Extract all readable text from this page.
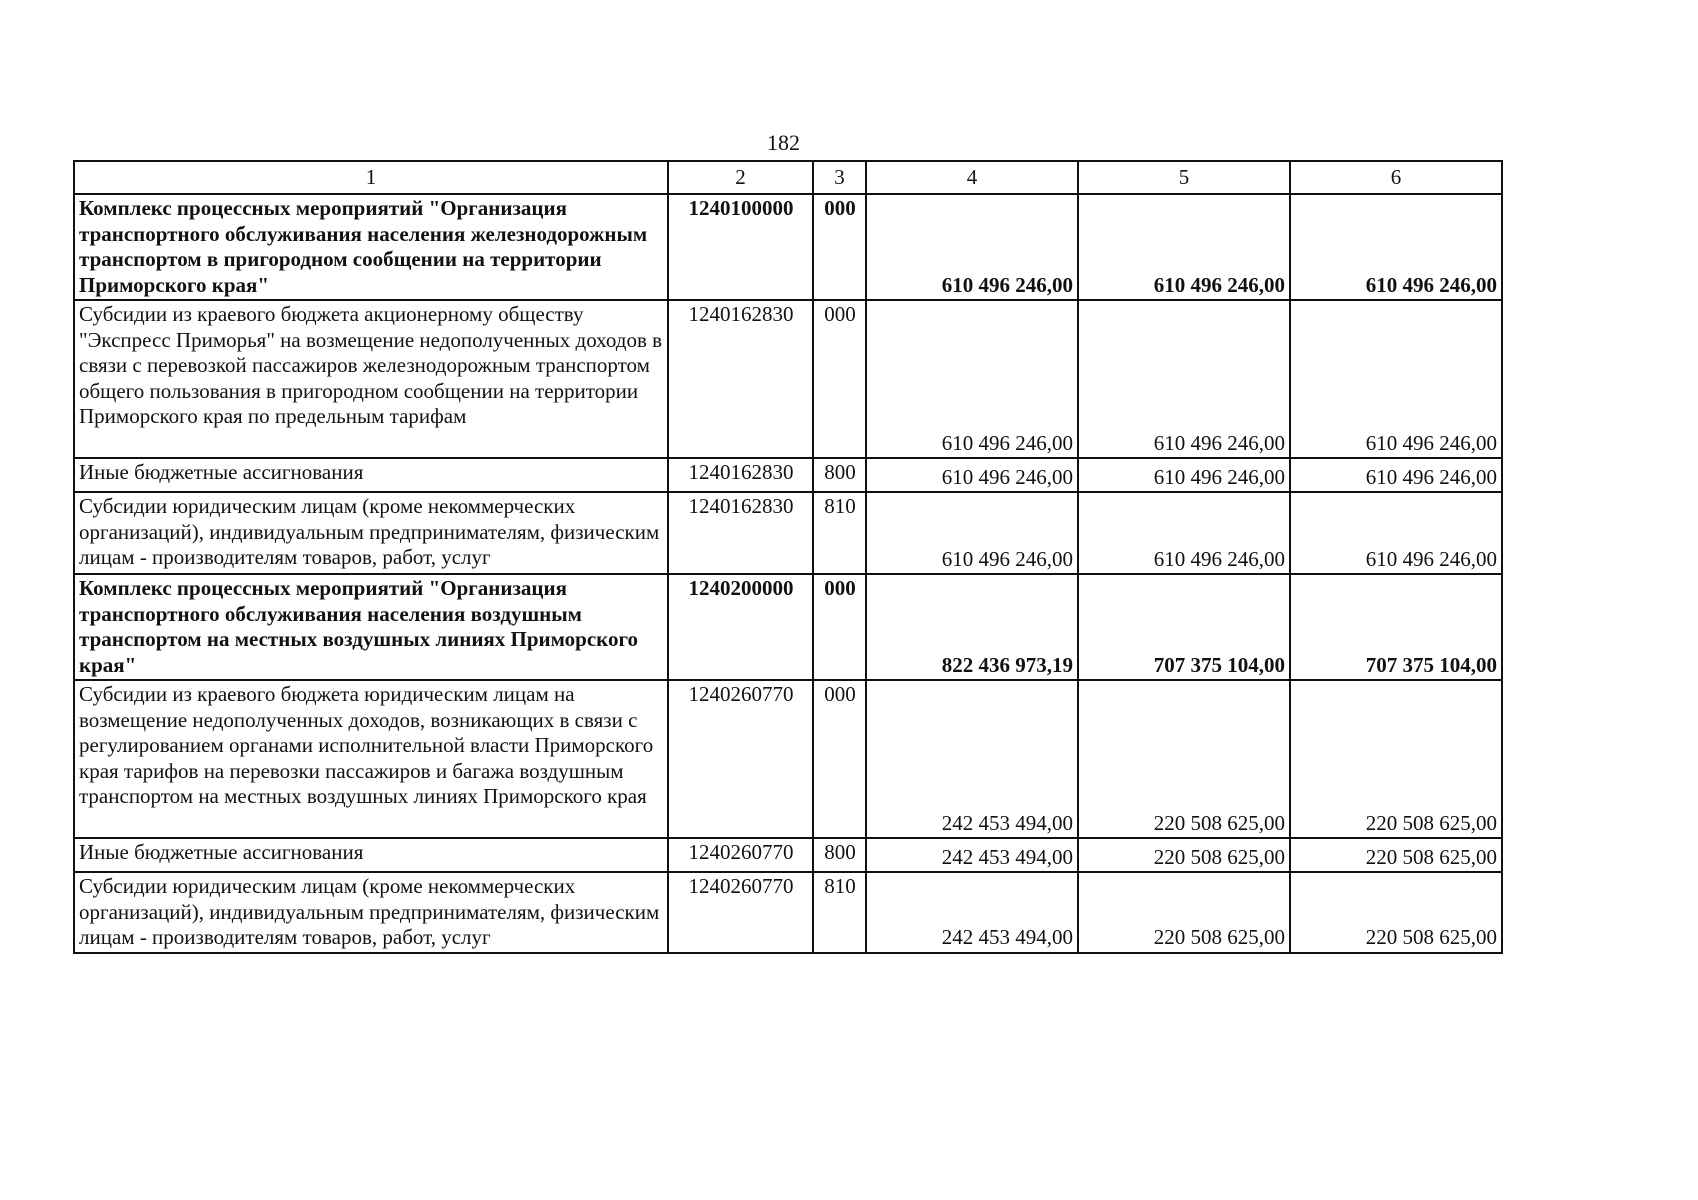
182
1	2	3	4	5	6
Комплекс процессных мероприятий "Организация транспортного обслуживания населения железнодорожным транспортом в пригородном сообщении на территории Приморского края"	1240100000	000	610 496 246,00	610 496 246,00	610 496 246,00
Субсидии из краевого бюджета акционерному обществу "Экспресс Приморья" на возмещение недополученных доходов в связи с перевозкой пассажиров железнодорожным транспортом общего пользования в пригородном сообщении на территории Приморского края по предельным тарифам	1240162830	000	610 496 246,00	610 496 246,00	610 496 246,00
Иные бюджетные ассигнования	1240162830	800	610 496 246,00	610 496 246,00	610 496 246,00
Субсидии юридическим лицам (кроме некоммерческих организаций), индивидуальным предпринимателям, физическим лицам - производителям товаров, работ, услуг	1240162830	810	610 496 246,00	610 496 246,00	610 496 246,00
Комплекс процессных мероприятий "Организация транспортного обслуживания населения воздушным транспортом на местных воздушных линиях Приморского края"	1240200000	000	822 436 973,19	707 375 104,00	707 375 104,00
Субсидии из краевого бюджета юридическим лицам на возмещение недополученных доходов, возникающих в связи с регулированием органами исполнительной власти Приморского края тарифов на перевозки пассажиров и багажа воздушным транспортом на местных воздушных линиях Приморского края	1240260770	000	242 453 494,00	220 508 625,00	220 508 625,00
Иные бюджетные ассигнования	1240260770	800	242 453 494,00	220 508 625,00	220 508 625,00
Субсидии юридическим лицам (кроме некоммерческих организаций), индивидуальным предпринимателям, физическим лицам - производителям товаров, работ, услуг	1240260770	810	242 453 494,00	220 508 625,00	220 508 625,00
